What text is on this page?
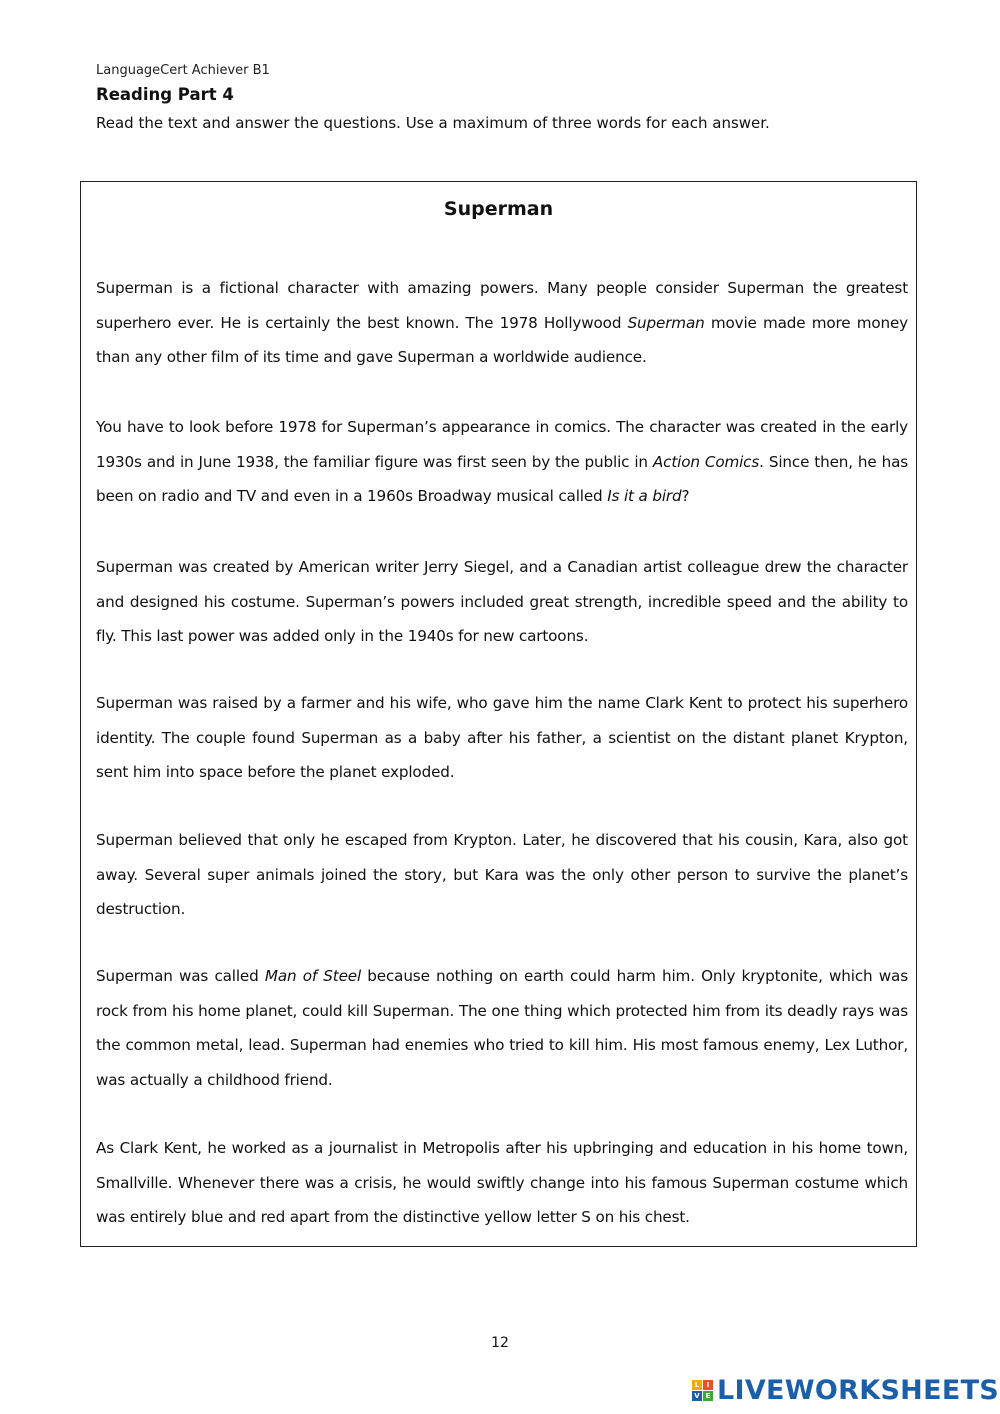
LanguageCert Achiever B1

Reading Part 4

Read the text and answer the questions. Use a maximum of three words for each answer.

Superman

Superman is a fictional character with amazing powers. Many people consider Superman the greatest superhero ever. He is certainly the best known. The 1978 Hollywood Superman movie made more money than any other film of its time and gave Superman a worldwide audience.

You have to look before 1978 for Superman’s appearance in comics. The character was created in the early 1930s and in June 1938, the familiar figure was first seen by the public in Action Comics. Since then, he has been on radio and TV and even in a 1960s Broadway musical called Is it a bird?

Superman was created by American writer Jerry Siegel, and a Canadian artist colleague drew the character and designed his costume. Superman’s powers included great strength, incredible speed and the ability to fly. This last power was added only in the 1940s for new cartoons.

Superman was raised by a farmer and his wife, who gave him the name Clark Kent to protect his superhero identity. The couple found Superman as a baby after his father, a scientist on the distant planet Krypton, sent him into space before the planet exploded.

Superman believed that only he escaped from Krypton. Later, he discovered that his cousin, Kara, also got away. Several super animals joined the story, but Kara was the only other person to survive the planet’s destruction.

Superman was called Man of Steel because nothing on earth could harm him. Only kryptonite, which was rock from his home planet, could kill Superman. The one thing which protected him from its deadly rays was the common metal, lead. Superman had enemies who tried to kill him. His most famous enemy, Lex Luthor, was actually a childhood friend.

As Clark Kent, he worked as a journalist in Metropolis after his upbringing and education in his home town, Smallville. Whenever there was a crisis, he would swiftly change into his famous Superman costume which was entirely blue and red apart from the distinctive yellow letter S on his chest.

12

L	I
V E LIVEWORKSHEETS
